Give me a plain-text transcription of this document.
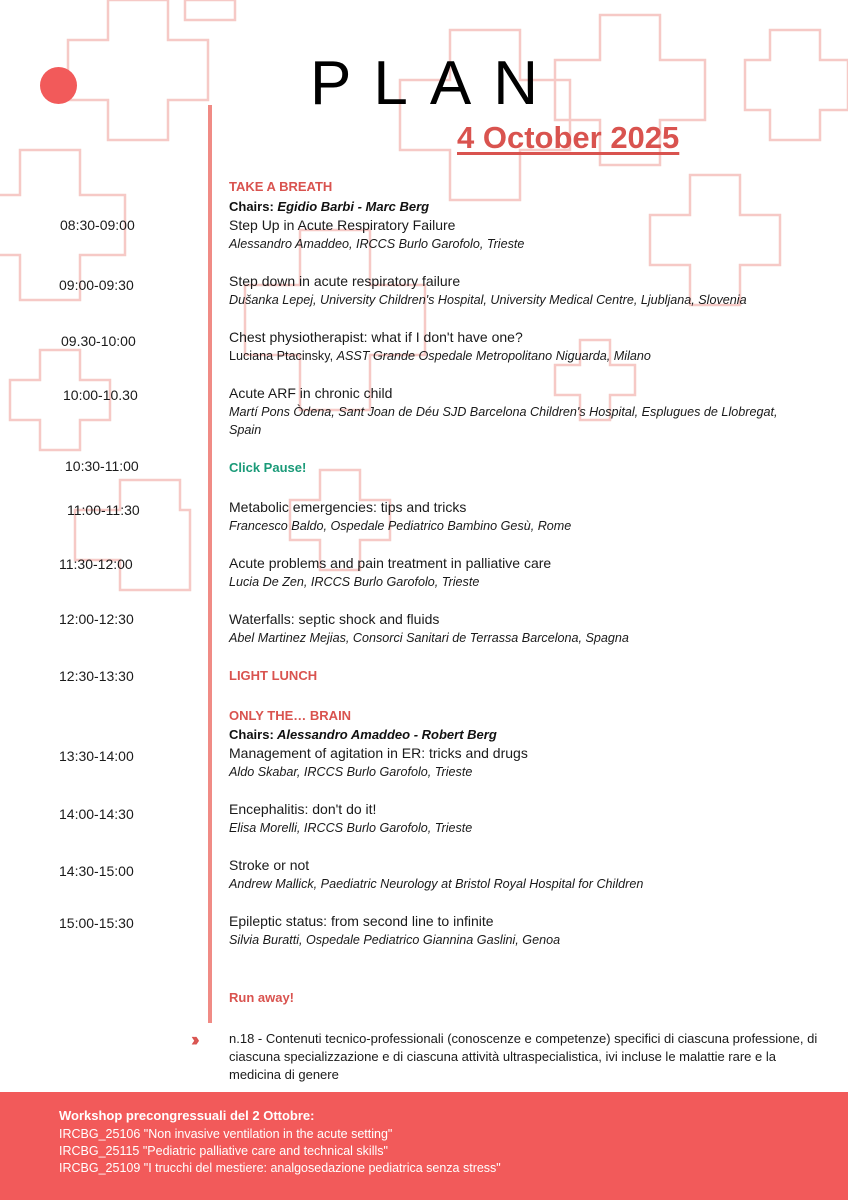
PLAN
4 October 2025
TAKE A BREATH
Chairs: Egidio Barbi - Marc Berg
08:30-09:00	Step Up in Acute Respiratory Failure
Alessandro Amaddeo, IRCCS Burlo Garofolo, Trieste
09:00-09:30	Step down in acute respiratory failure
Dušanka Lepej, University Children's Hospital, University Medical Centre, Ljubljana, Slovenia
09.30-10:00	Chest physiotherapist: what if I don't have one?
Luciana Ptacinsky, ASST Grande Ospedale Metropolitano Niguarda, Milano
10:00-10.30	Acute ARF in chronic child
Martí Pons Òdena, Sant Joan de Déu SJD Barcelona Children's Hospital, Esplugues de Llobregat,
Spain
10:30-11:00	Click Pause!
11:00-11:30	Metabolic emergencies: tips and tricks
Francesco Baldo, Ospedale Pediatrico Bambino Gesù, Rome
11:30-12:00	Acute problems and pain treatment in palliative care
Lucia De Zen, IRCCS Burlo Garofolo, Trieste
12:00-12:30	Waterfalls: septic shock and fluids
Abel Martinez Mejias, Consorci Sanitari de Terrassa Barcelona, Spagna
12:30-13:30	LIGHT LUNCH
ONLY THE… BRAIN
Chairs: Alessandro Amaddeo - Robert Berg
13:30-14:00	Management of agitation in ER: tricks and drugs
Aldo Skabar, IRCCS Burlo Garofolo, Trieste
14:00-14:30	Encephalitis: don't do it!
Elisa Morelli, IRCCS Burlo Garofolo, Trieste
14:30-15:00	Stroke or not
Andrew Mallick, Paediatric Neurology at Bristol Royal Hospital for Children
15:00-15:30	Epileptic status: from second line to infinite
Silvia Buratti, Ospedale Pediatrico Giannina Gaslini, Genoa
Run away!
››	n.18 - Contenuti tecnico-professionali (conoscenze e competenze) specifici di ciascuna professione, di ciascuna specializzazione e di ciascuna attività ultraspecialistica, ivi incluse le malattie rare e la medicina di genere
Workshop precongressuali del 2 Ottobre:
IRCBG_25106 "Non invasive ventilation in the acute setting"
IRCBG_25115 "Pediatric palliative care and technical skills"
IRCBG_25109 "I trucchi del mestiere: analgosedazione pediatrica senza stress"
